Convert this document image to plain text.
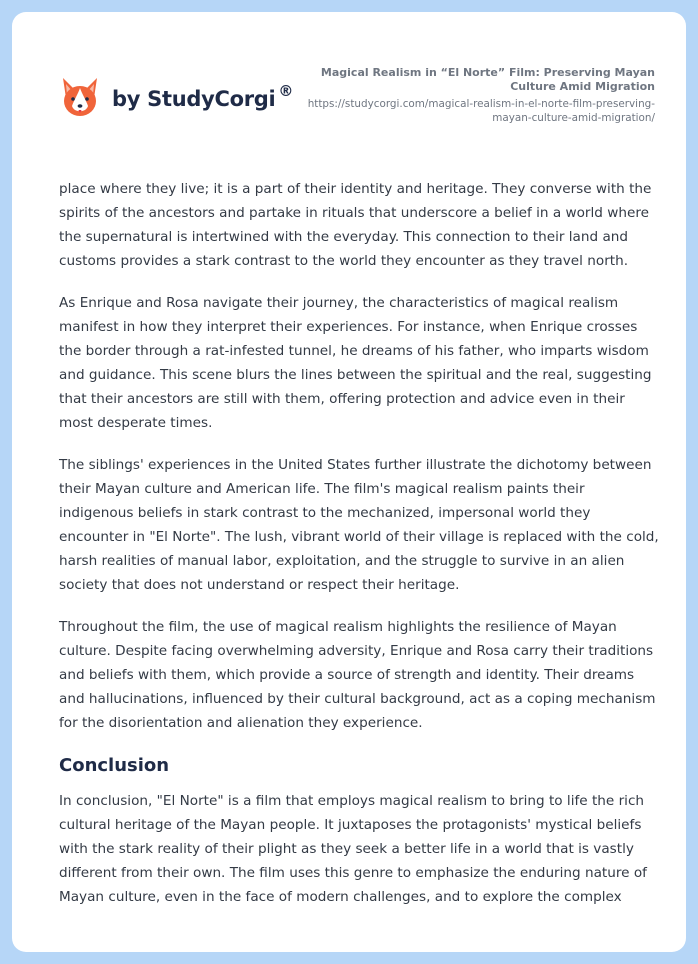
by StudyCorgi ®
Magical Realism in “El Norte” Film: Preserving Mayan Culture Amid Migration
https://studycorgi.com/magical-realism-in-el-norte-film-preserving-mayan-culture-amid-migration/

place where they live; it is a part of their identity and heritage. They converse with the spirits of the ancestors and partake in rituals that underscore a belief in a world where the supernatural is intertwined with the everyday. This connection to their land and customs provides a stark contrast to the world they encounter as they travel north.

As Enrique and Rosa navigate their journey, the characteristics of magical realism manifest in how they interpret their experiences. For instance, when Enrique crosses the border through a rat-infested tunnel, he dreams of his father, who imparts wisdom and guidance. This scene blurs the lines between the spiritual and the real, suggesting that their ancestors are still with them, offering protection and advice even in their most desperate times.

The siblings' experiences in the United States further illustrate the dichotomy between their Mayan culture and American life. The film's magical realism paints their indigenous beliefs in stark contrast to the mechanized, impersonal world they encounter in "El Norte". The lush, vibrant world of their village is replaced with the cold, harsh realities of manual labor, exploitation, and the struggle to survive in an alien society that does not understand or respect their heritage.

Throughout the film, the use of magical realism highlights the resilience of Mayan culture. Despite facing overwhelming adversity, Enrique and Rosa carry their traditions and beliefs with them, which provide a source of strength and identity. Their dreams and hallucinations, influenced by their cultural background, act as a coping mechanism for the disorientation and alienation they experience.

Conclusion

In conclusion, "El Norte" is a film that employs magical realism to bring to life the rich cultural heritage of the Mayan people. It juxtaposes the protagonists' mystical beliefs with the stark reality of their plight as they seek a better life in a world that is vastly different from their own. The film uses this genre to emphasize the enduring nature of Mayan culture, even in the face of modern challenges, and to explore the complex
